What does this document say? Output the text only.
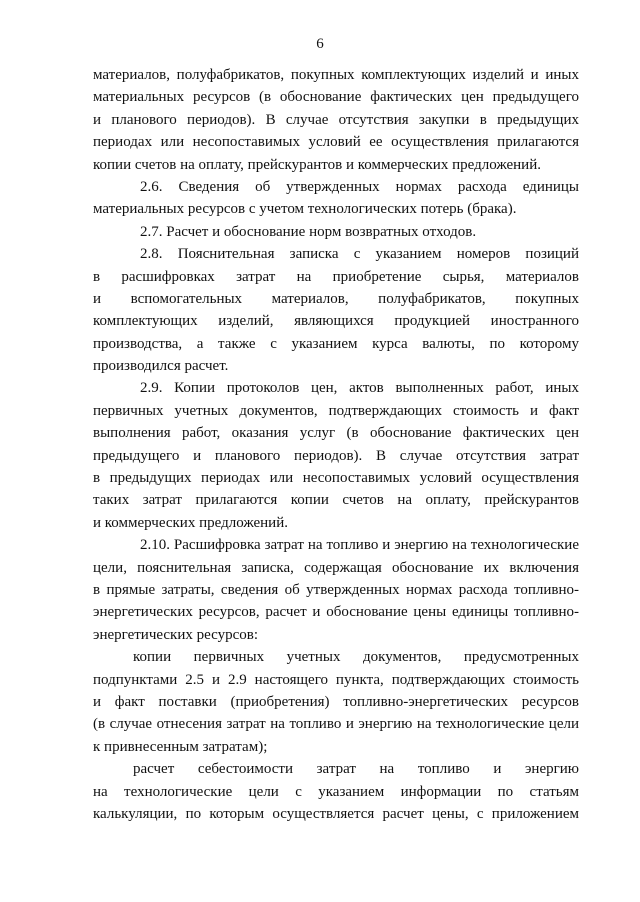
6
материалов, полуфабрикатов, покупных комплектующих изделий и иных
материальных ресурсов (в обоснование фактических цен предыдущего
и планового периодов). В случае отсутствия закупки в предыдущих
периодах или несопоставимых условий ее осуществления прилагаются
копии счетов на оплату, прейскурантов и коммерческих предложений.
2.6. Сведения об утвержденных нормах расхода единицы
материальных ресурсов с учетом технологических потерь (брака).
2.7. Расчет и обоснование норм возвратных отходов.
2.8. Пояснительная записка с указанием номеров позиций
в расшифровках затрат на приобретение сырья, материалов
и вспомогательных материалов, полуфабрикатов, покупных
комплектующих изделий, являющихся продукцией иностранного
производства, а также с указанием курса валюты, по которому
производился расчет.
2.9. Копии протоколов цен, актов выполненных работ, иных
первичных учетных документов, подтверждающих стоимость и факт
выполнения работ, оказания услуг (в обоснование фактических цен
предыдущего и планового периодов). В случае отсутствия затрат
в предыдущих периодах или несопоставимых условий осуществления
таких затрат прилагаются копии счетов на оплату, прейскурантов
и коммерческих предложений.
2.10. Расшифровка затрат на топливо и энергию на технологические
цели, пояснительная записка, содержащая обоснование их включения
в прямые затраты, сведения об утвержденных нормах расхода топливно-
энергетических ресурсов, расчет и обоснование цены единицы топливно-
энергетических ресурсов:
копии первичных учетных документов, предусмотренных
подпунктами 2.5 и 2.9 настоящего пункта, подтверждающих стоимость
и факт поставки (приобретения) топливно-энергетических ресурсов
(в случае отнесения затрат на топливо и энергию на технологические цели
к привнесенным затратам);
расчет себестоимости затрат на топливо и энергию
на технологические цели с указанием информации по статьям
калькуляции, по которым осуществляется расчет цены, с приложением
